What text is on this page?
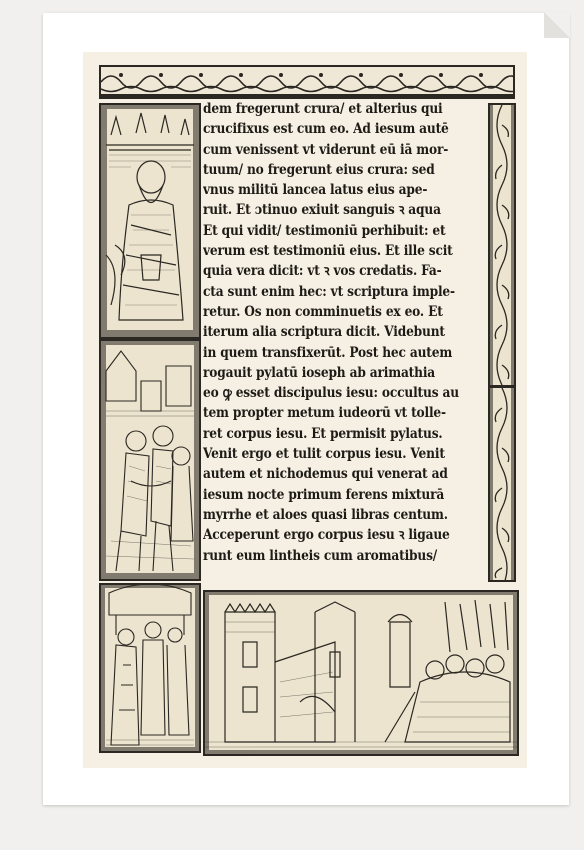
dem fregerunt crura/ et alterius qui
crucifixus est cum eo. Ad iesum autē
cum venissent vt viderunt eū iā mor-
tuum/ no fregerunt eius crura: sed
vnus militū lancea latus eius ape-
ruit. Et ɔtinuo exiuit sanguis ꝛ aqua
Et qui vidit/ testimoniū perhibuit: et
verum est testimoniū eius. Et ille scit
quia vera dicit: vt ꝛ vos credatis. Fa-
cta sunt enim hec: vt scriptura imple-
retur. Os non comminuetis ex eo. Et
iterum alia scriptura dicit. Videbunt
in quem transfixerūt. Post hec autem
rogauit pylatū ioseph ab arimathia
eo ꝙ esset discipulus iesu: occultus au
tem propter metum iudeorū vt tolle-
ret corpus iesu. Et permisit pylatus.
Venit ergo et tulit corpus iesu. Venit
autem et nichodemus qui venerat ad
iesum nocte primum ferens mixturā
myrrhe et aloes quasi libras centum.
Acceperunt ergo corpus iesu ꝛ ligaue
runt eum lintheis cum aromatibus/
